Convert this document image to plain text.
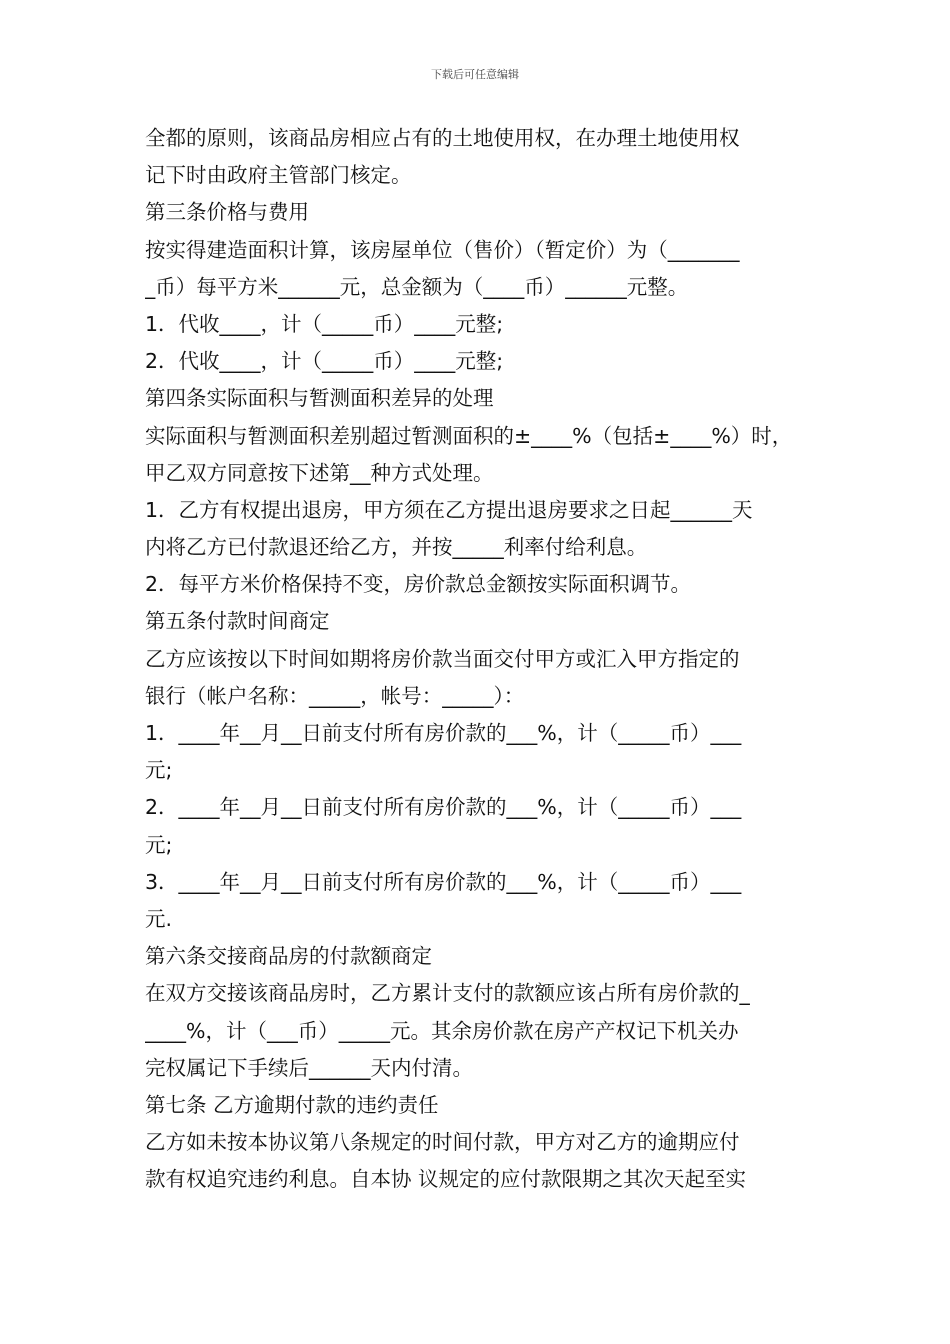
下载后可任意编辑
全都的原则，该商品房相应占有的土地使用权，在办理土地使用权
记下时由政府主管部门核定。
第三条价格与费用
按实得建造面积计算，该房屋单位（售价）（暂定价）为（_______
_币）每平方米______元，总金额为（____币）______元整。
1．代收____，计（_____币）____元整;
2．代收____，计（_____币）____元整;
第四条实际面积与暂测面积差异的处理
实际面积与暂测面积差别超过暂测面积的±____%（包括±____%）时，
甲乙双方同意按下述第__种方式处理。
1．乙方有权提出退房，甲方须在乙方提出退房要求之日起______天
内将乙方已付款退还给乙方，并按_____利率付给利息。
2．每平方米价格保持不变，房价款总金额按实际面积调节。
第五条付款时间商定
乙方应该按以下时间如期将房价款当面交付甲方或汇入甲方指定的
银行（帐户名称：_____，帐号：_____）：
1．____年__月__日前支付所有房价款的___%，计（_____币）___
元;
2．____年__月__日前支付所有房价款的___%，计（_____币）___
元;
3．____年__月__日前支付所有房价款的___%，计（_____币）___
元.
第六条交接商品房的付款额商定
在双方交接该商品房时，乙方累计支付的款额应该占所有房价款的_
____%，计（___币）_____元。其余房价款在房产产权记下机关办
完权属记下手续后______天内付清。
第七条 乙方逾期付款的违约责任
乙方如未按本协议第八条规定的时间付款，甲方对乙方的逾期应付
款有权追究违约利息。自本协 议规定的应付款限期之其次天起至实
